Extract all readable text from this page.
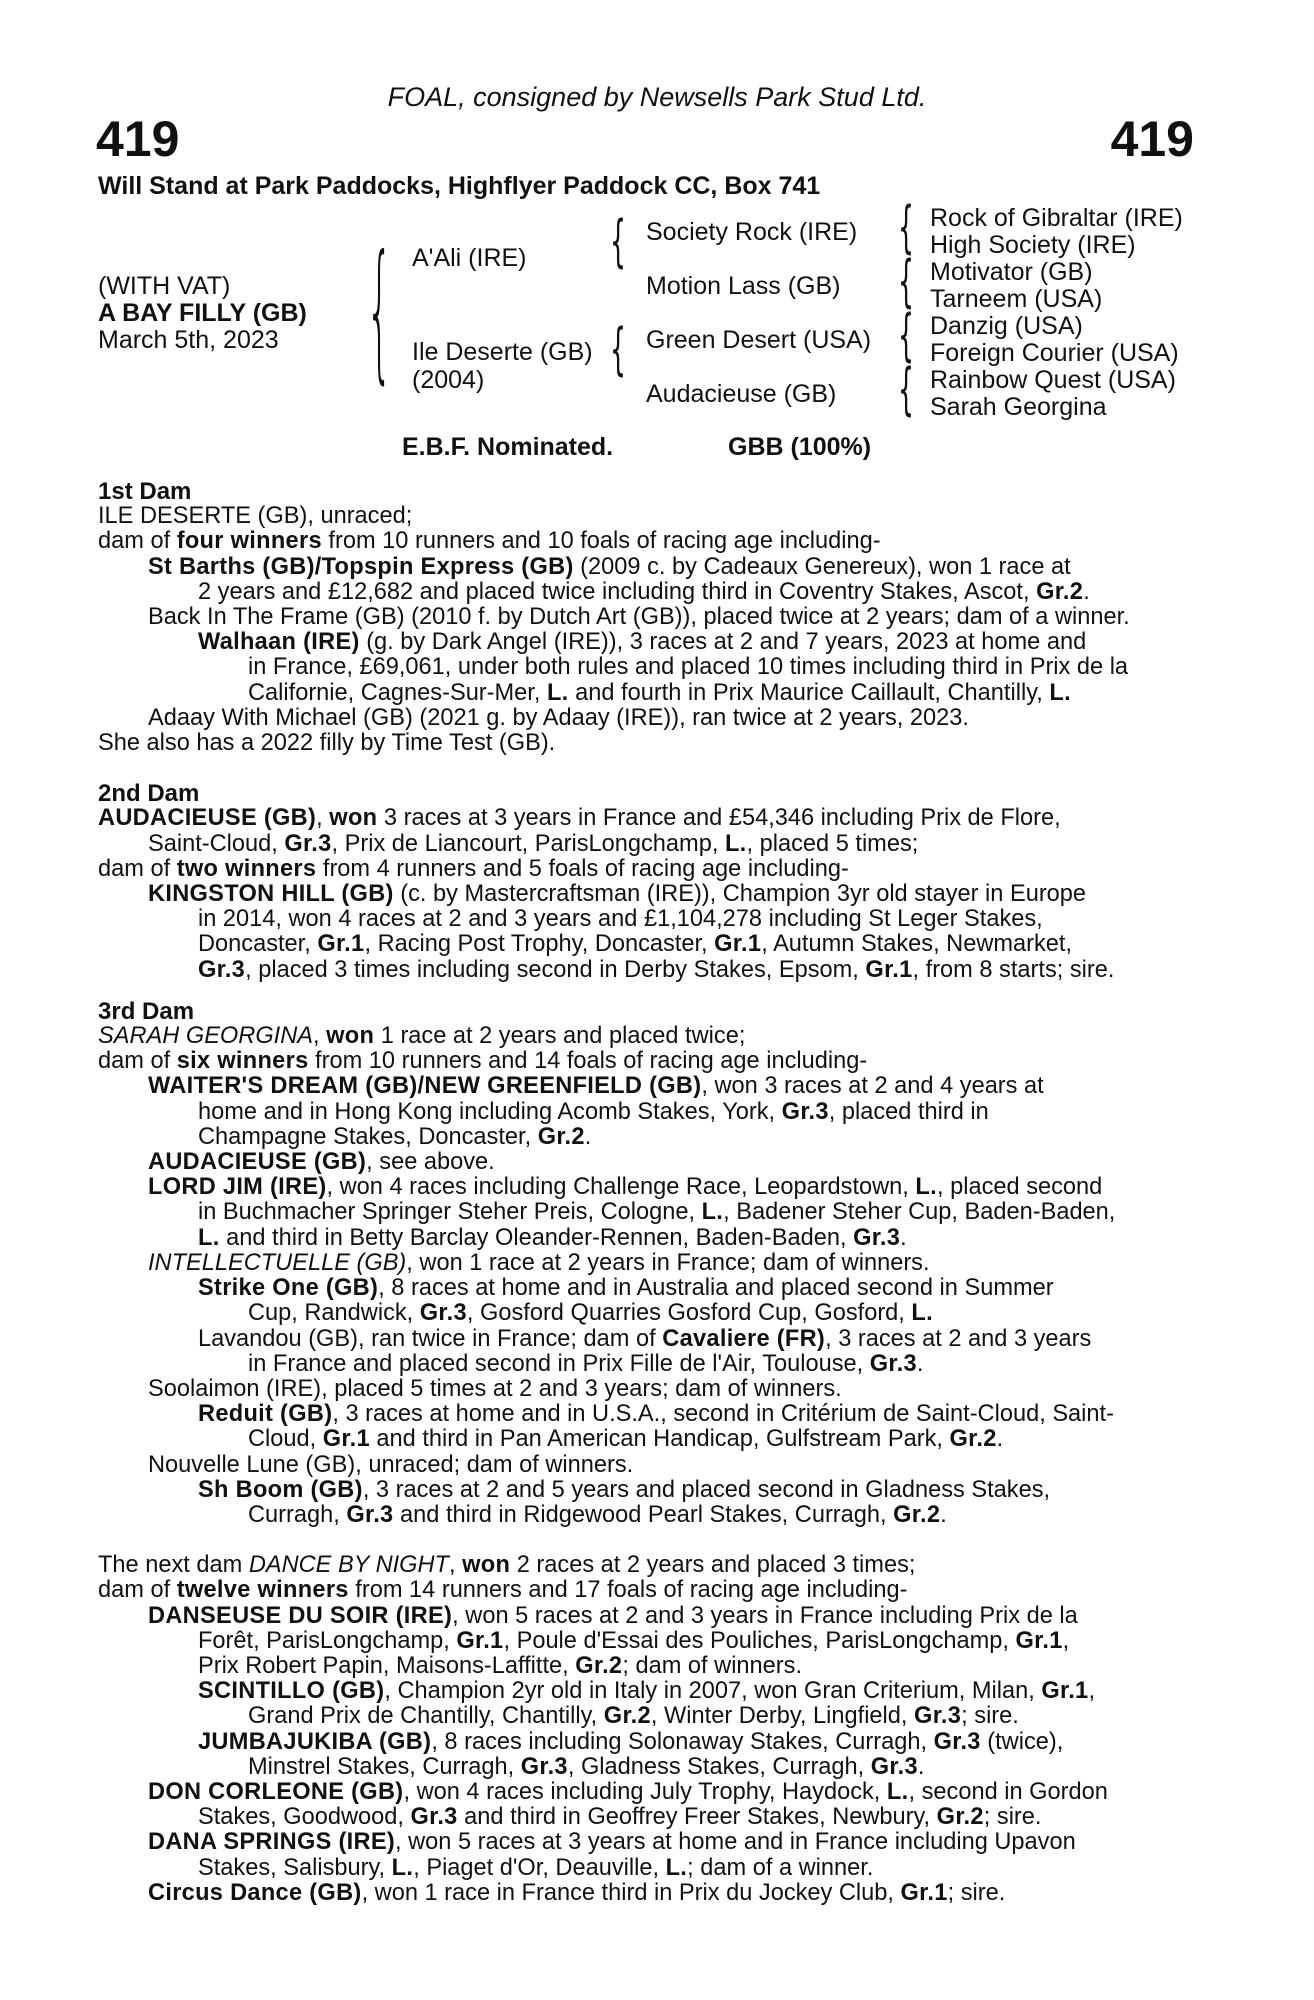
FOAL, consigned by Newsells Park Stud Ltd.
419	419
Will Stand at Park Paddocks, Highflyer Paddock CC, Box 741
(WITH VAT)
A BAY FILLY (GB)
March 5th, 2023 { A'Ali (IRE)
Ile Deserte (GB)
(2004)
{
{
Society Rock (IRE)
Motion Lass (GB)
Green Desert (USA)
Audacieuse (GB)
{
{
{
{
Rock of Gibraltar (IRE)
High Society (IRE)
Motivator (GB)
Tarneem (USA)
Danzig (USA)
Foreign Courier (USA)
Rainbow Quest (USA)
Sarah Georgina
E.B.F. Nominated.	GBB (100%)

1st Dam

ILE DESERTE (GB), unraced;

dam of four winners from 10 runners and 10 foals of racing age including-

St Barths (GB)/Topspin Express (GB) (2009 c. by Cadeaux Genereux), won 1 race at

2 years and £12,682 and placed twice including third in Coventry Stakes, Ascot, Gr.2.

Back In The Frame (GB) (2010 f. by Dutch Art (GB)), placed twice at 2 years; dam of a winner.

Walhaan (IRE) (g. by Dark Angel (IRE)), 3 races at 2 and 7 years, 2023 at home and

in France, £69,061, under both rules and placed 10 times including third in Prix de la

Californie, Cagnes-Sur-Mer, L. and fourth in Prix Maurice Caillault, Chantilly, L.

Adaay With Michael (GB) (2021 g. by Adaay (IRE)), ran twice at 2 years, 2023.

She also has a 2022 filly by Time Test (GB).

2nd Dam

AUDACIEUSE (GB), won 3 races at 3 years in France and £54,346 including Prix de Flore,

Saint-Cloud, Gr.3, Prix de Liancourt, ParisLongchamp, L., placed 5 times;

dam of two winners from 4 runners and 5 foals of racing age including-

KINGSTON HILL (GB) (c. by Mastercraftsman (IRE)), Champion 3yr old stayer in Europe

in 2014, won 4 races at 2 and 3 years and £1,104,278 including St Leger Stakes,

Doncaster, Gr.1, Racing Post Trophy, Doncaster, Gr.1, Autumn Stakes, Newmarket,

Gr.3, placed 3 times including second in Derby Stakes, Epsom, Gr.1, from 8 starts; sire.

3rd Dam

SARAH GEORGINA, won 1 race at 2 years and placed twice;

dam of six winners from 10 runners and 14 foals of racing age including-

WAITER'S DREAM (GB)/NEW GREENFIELD (GB), won 3 races at 2 and 4 years at

home and in Hong Kong including Acomb Stakes, York, Gr.3, placed third in

Champagne Stakes, Doncaster, Gr.2.

AUDACIEUSE (GB), see above.

LORD JIM (IRE), won 4 races including Challenge Race, Leopardstown, L., placed second

in Buchmacher Springer Steher Preis, Cologne, L., Badener Steher Cup, Baden-Baden,

L. and third in Betty Barclay Oleander-Rennen, Baden-Baden, Gr.3.

INTELLECTUELLE (GB), won 1 race at 2 years in France; dam of winners.

Strike One (GB), 8 races at home and in Australia and placed second in Summer

Cup, Randwick, Gr.3, Gosford Quarries Gosford Cup, Gosford, L.

Lavandou (GB), ran twice in France; dam of Cavaliere (FR), 3 races at 2 and 3 years

in France and placed second in Prix Fille de l'Air, Toulouse, Gr.3.

Soolaimon (IRE), placed 5 times at 2 and 3 years; dam of winners.

Reduit (GB), 3 races at home and in U.S.A., second in Critérium de Saint-Cloud, Saint-

Cloud, Gr.1 and third in Pan American Handicap, Gulfstream Park, Gr.2.

Nouvelle Lune (GB), unraced; dam of winners.

Sh Boom (GB), 3 races at 2 and 5 years and placed second in Gladness Stakes,

Curragh, Gr.3 and third in Ridgewood Pearl Stakes, Curragh, Gr.2.

The next dam DANCE BY NIGHT, won 2 races at 2 years and placed 3 times;

dam of twelve winners from 14 runners and 17 foals of racing age including-

DANSEUSE DU SOIR (IRE), won 5 races at 2 and 3 years in France including Prix de la

Forêt, ParisLongchamp, Gr.1, Poule d'Essai des Pouliches, ParisLongchamp, Gr.1,

Prix Robert Papin, Maisons-Laffitte, Gr.2; dam of winners.

SCINTILLO (GB), Champion 2yr old in Italy in 2007, won Gran Criterium, Milan, Gr.1,

Grand Prix de Chantilly, Chantilly, Gr.2, Winter Derby, Lingfield, Gr.3; sire.

JUMBAJUKIBA (GB), 8 races including Solonaway Stakes, Curragh, Gr.3 (twice),

Minstrel Stakes, Curragh, Gr.3, Gladness Stakes, Curragh, Gr.3.

DON CORLEONE (GB), won 4 races including July Trophy, Haydock, L., second in Gordon

Stakes, Goodwood, Gr.3 and third in Geoffrey Freer Stakes, Newbury, Gr.2; sire.

DANA SPRINGS (IRE), won 5 races at 3 years at home and in France including Upavon

Stakes, Salisbury, L., Piaget d'Or, Deauville, L.; dam of a winner.

Circus Dance (GB), won 1 race in France third in Prix du Jockey Club, Gr.1; sire.
